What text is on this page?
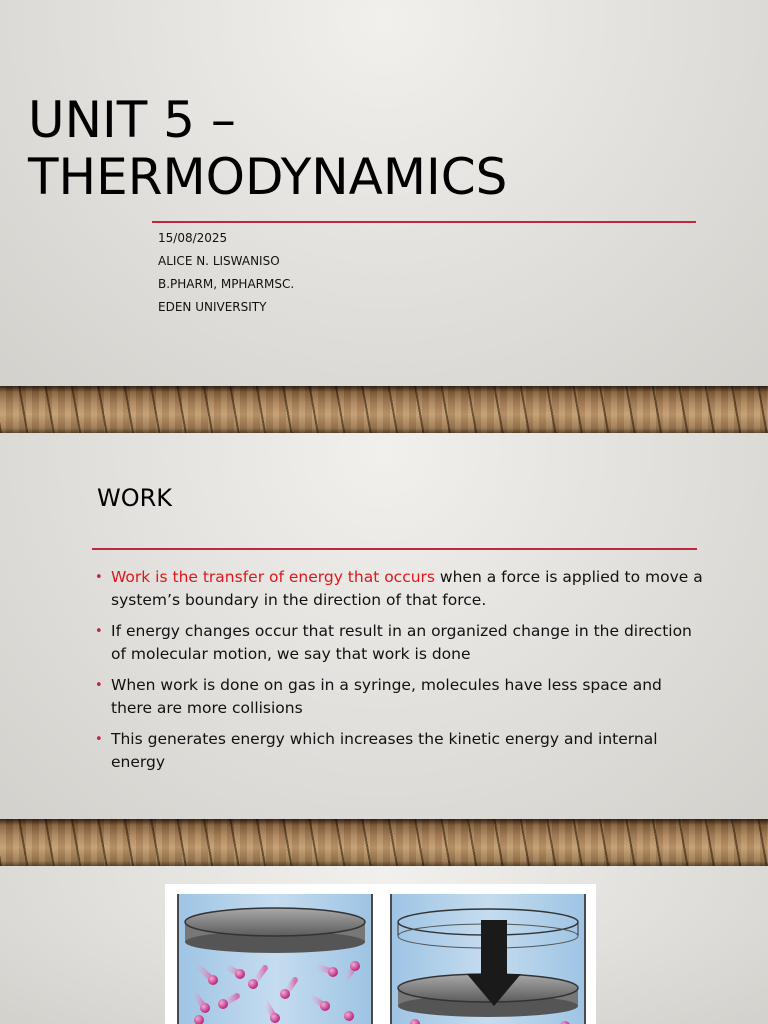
UNIT 5 –
THERMODYNAMICS
15/08/2025
ALICE N. LISWANISO
B.PHARM, MPHARMSC.
EDEN UNIVERSITY
WORK
• Work is the transfer of energy that occurs when a force is applied to move a system’s boundary in the direction of that force.
• If energy changes occur that result in an organized change in the direction of molecular motion, we say that work is done
• When work is done on gas in a syringe, molecules have less space and there are more collisions
• This generates energy which increases the kinetic energy and internal energy
